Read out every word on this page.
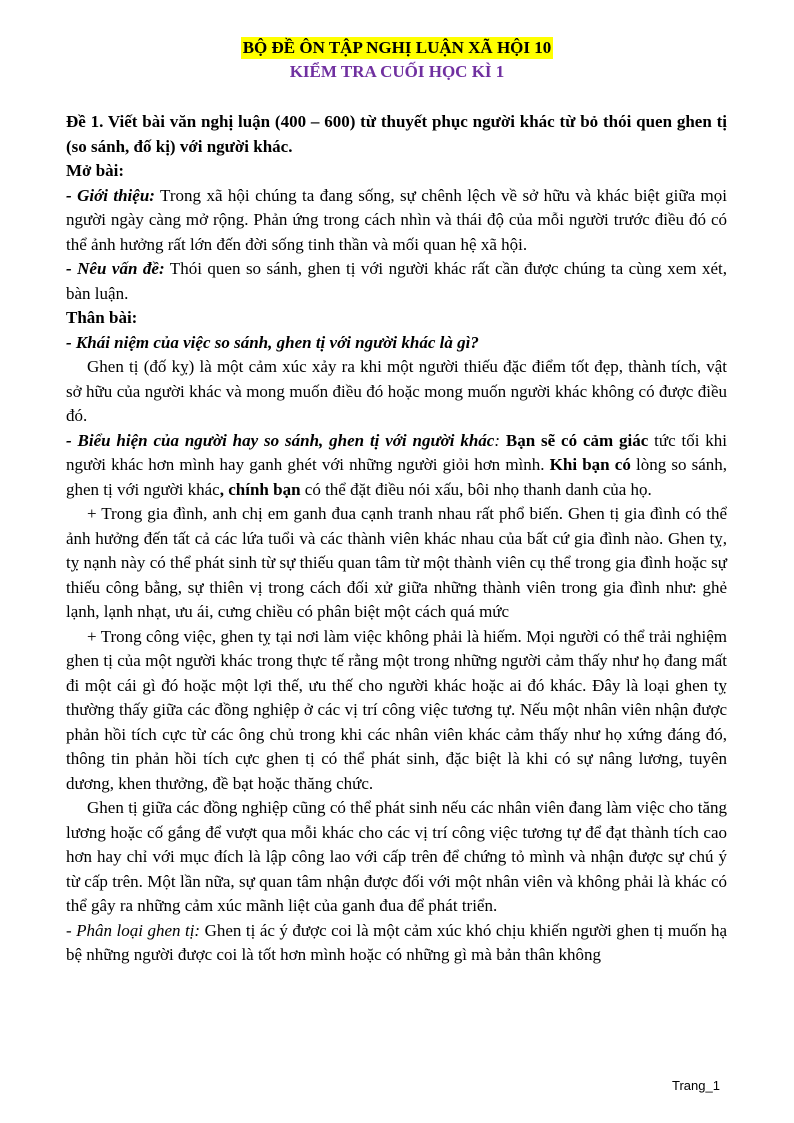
BỘ ĐỀ ÔN TẬP NGHỊ LUẬN XÃ HỘI 10
KIỂM TRA CUỐI HỌC KÌ 1

Đề 1. Viết bài văn nghị luận (400 – 600) từ thuyết phục người khác từ bỏ thói quen ghen tị (so sánh, đố kị) với người khác.

Mở bài:

- Giới thiệu: Trong xã hội chúng ta đang sống, sự chênh lệch về sở hữu và khác biệt giữa mọi người ngày càng mở rộng. Phản ứng trong cách nhìn và thái độ của mỗi người trước điều đó có thể ảnh hưởng rất lớn đến đời sống tinh thần và mối quan hệ xã hội.

- Nêu vấn đề: Thói quen so sánh, ghen tị với người khác rất cần được chúng ta cùng xem xét, bàn luận.

Thân bài:

- Khái niệm của việc so sánh, ghen tị với người khác là gì?

Ghen tị (đố kỵ) là một cảm xúc xảy ra khi một người thiếu đặc điểm tốt đẹp, thành tích, vật sở hữu của người khác và mong muốn điều đó hoặc mong muốn người khác không có được điều đó.

- Biểu hiện của người hay so sánh, ghen tị với người khác: Bạn sẽ có cảm giác tức tối khi người khác hơn mình hay ganh ghét với những người giỏi hơn mình. Khi bạn có lòng so sánh, ghen tị với người khác, chính bạn có thể đặt điều nói xấu, bôi nhọ thanh danh của họ.

+ Trong gia đình, anh chị em ganh đua cạnh tranh nhau rất phổ biến. Ghen tị gia đình có thể ảnh hưởng đến tất cả các lứa tuổi và các thành viên khác nhau của bất cứ gia đình nào. Ghen tỵ, tỵ nạnh này có thể phát sinh từ sự thiếu quan tâm từ một thành viên cụ thể trong gia đình hoặc sự thiếu công bằng, sự thiên vị trong cách đối xử giữa những thành viên trong gia đình như: ghẻ lạnh, lạnh nhạt, ưu ái, cưng chiều có phân biệt một cách quá mức

+ Trong công việc, ghen tỵ tại nơi làm việc không phải là hiếm. Mọi người có thể trải nghiệm ghen tị của một người khác trong thực tế rằng một trong những người cảm thấy như họ đang mất đi một cái gì đó hoặc một lợi thế, ưu thế cho người khác hoặc ai đó khác. Đây là loại ghen tỵ thường thấy giữa các đồng nghiệp ở các vị trí công việc tương tự. Nếu một nhân viên nhận được phản hồi tích cực từ các ông chủ trong khi các nhân viên khác cảm thấy như họ xứng đáng đó, thông tin phản hồi tích cực ghen tị có thể phát sinh, đặc biệt là khi có sự nâng lương, tuyên dương, khen thưởng, đề bạt hoặc thăng chức.

Ghen tị giữa các đồng nghiệp cũng có thể phát sinh nếu các nhân viên đang làm việc cho tăng lương hoặc cố gắng để vượt qua mỗi khác cho các vị trí công việc tương tự để đạt thành tích cao hơn hay chỉ với mục đích là lập công lao với cấp trên để chứng tỏ mình và nhận được sự chú ý từ cấp trên. Một lần nữa, sự quan tâm nhận được đối với một nhân viên và không phải là khác có thể gây ra những cảm xúc mãnh liệt của ganh đua để phát triển.

- Phân loại ghen tị: Ghen tị ác ý được coi là một cảm xúc khó chịu khiến người ghen tị muốn hạ bệ những người được coi là tốt hơn mình hoặc có những gì mà bản thân không

Trang_1
